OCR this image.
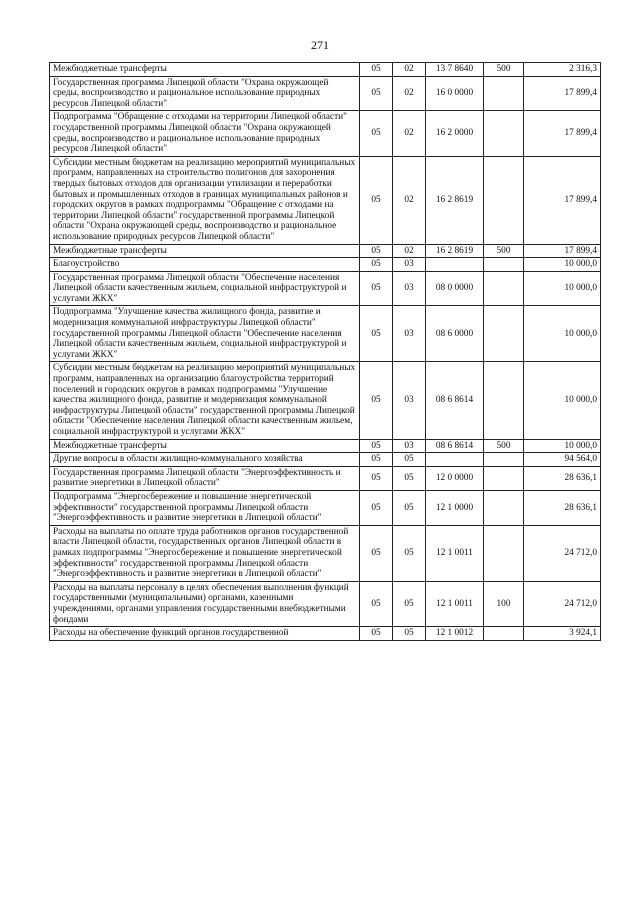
271
Межбюджетные трансферты	05	02	13 7 8640	500	2 316,3
Государственная программа Липецкой области "Охрана окружающей среды, воспроизводство и рациональное использование природных ресурсов Липецкой области"	05	02	16 0 0000		17 899,4
Подпрограмма "Обращение с отходами на территории Липецкой области" государственной программы Липецкой области "Охрана окружающей среды, воспроизводство и рациональное использование природных ресурсов Липецкой области"	05	02	16 2 0000		17 899,4
Субсидии местным бюджетам на реализацию мероприятий муниципальных программ, направленных на строительство полигонов для захоронения твердых бытовых отходов для организации утилизации и переработки бытовых и промышленных отходов в границах муниципальных районов и городских округов в рамках подпрограммы "Обращение с отходами на территории Липецкой области" государственной программы Липецкой области "Охрана окружающей среды, воспроизводство и рациональное использование природных ресурсов Липецкой области"	05	02	16 2 8619		17 899,4
Межбюджетные трансферты	05	02	16 2 8619	500	17 899,4
Благоустройство	05	03			10 000,0
Государственная программа Липецкой области "Обеспечение населения Липецкой области качественным жильем, социальной инфраструктурой и услугами ЖКХ"	05	03	08 0 0000		10 000,0
Подпрограмма "Улучшение качества жилищного фонда, развитие и модернизация коммунальной инфраструктуры Липецкой области" государственной программы Липецкой области "Обеспечение населения Липецкой области качественным жильем, социальной инфраструктурой и услугами ЖКХ"	05	03	08 6 0000		10 000,0
Субсидии местным бюджетам на реализацию мероприятий муниципальных программ, направленных на организацию благоустройства территорий поселений и городских округов в рамках подпрограммы "Улучшение качества жилищного фонда, развитие и модернизация коммунальной инфраструктуры Липецкой области" государственной программы Липецкой области "Обеспечение населения Липецкой области качественным жильем, социальной инфраструктурой и услугами ЖКХ"	05	03	08 6 8614		10 000,0
Межбюджетные трансферты	05	03	08 6 8614	500	10 000,0
Другие вопросы в области жилищно-коммунального хозяйства	05	05			94 564,0
Государственная программа Липецкой области "Энергоэффективность и развитие энергетики в Липецкой области"	05	05	12 0 0000		28 636,1
Подпрограмма "Энергосбережение и повышение энергетической эффективности" государственной программы Липецкой области "Энергоэффективность и развитие энергетики в Липецкой области"	05	05	12 1 0000		28 636,1
Расходы на выплаты по оплате труда работников органов государственной власти Липецкой области, государственных органов Липецкой области в рамках подпрограммы "Энергосбережение и повышение энергетической эффективности" государственной программы Липецкой области "Энергоэффективность и развитие энергетики в Липецкой области"	05	05	12 1 0011		24 712,0
Расходы на выплаты персоналу в целях обеспечения выполнения функций государственными (муниципальными) органами, казенными учреждениями, органами управления государственными внебюджетными фондами	05	05	12 1 0011	100	24 712,0
Расходы на обеспечение функций органов государственной	05	05	12 1 0012		3 924,1
